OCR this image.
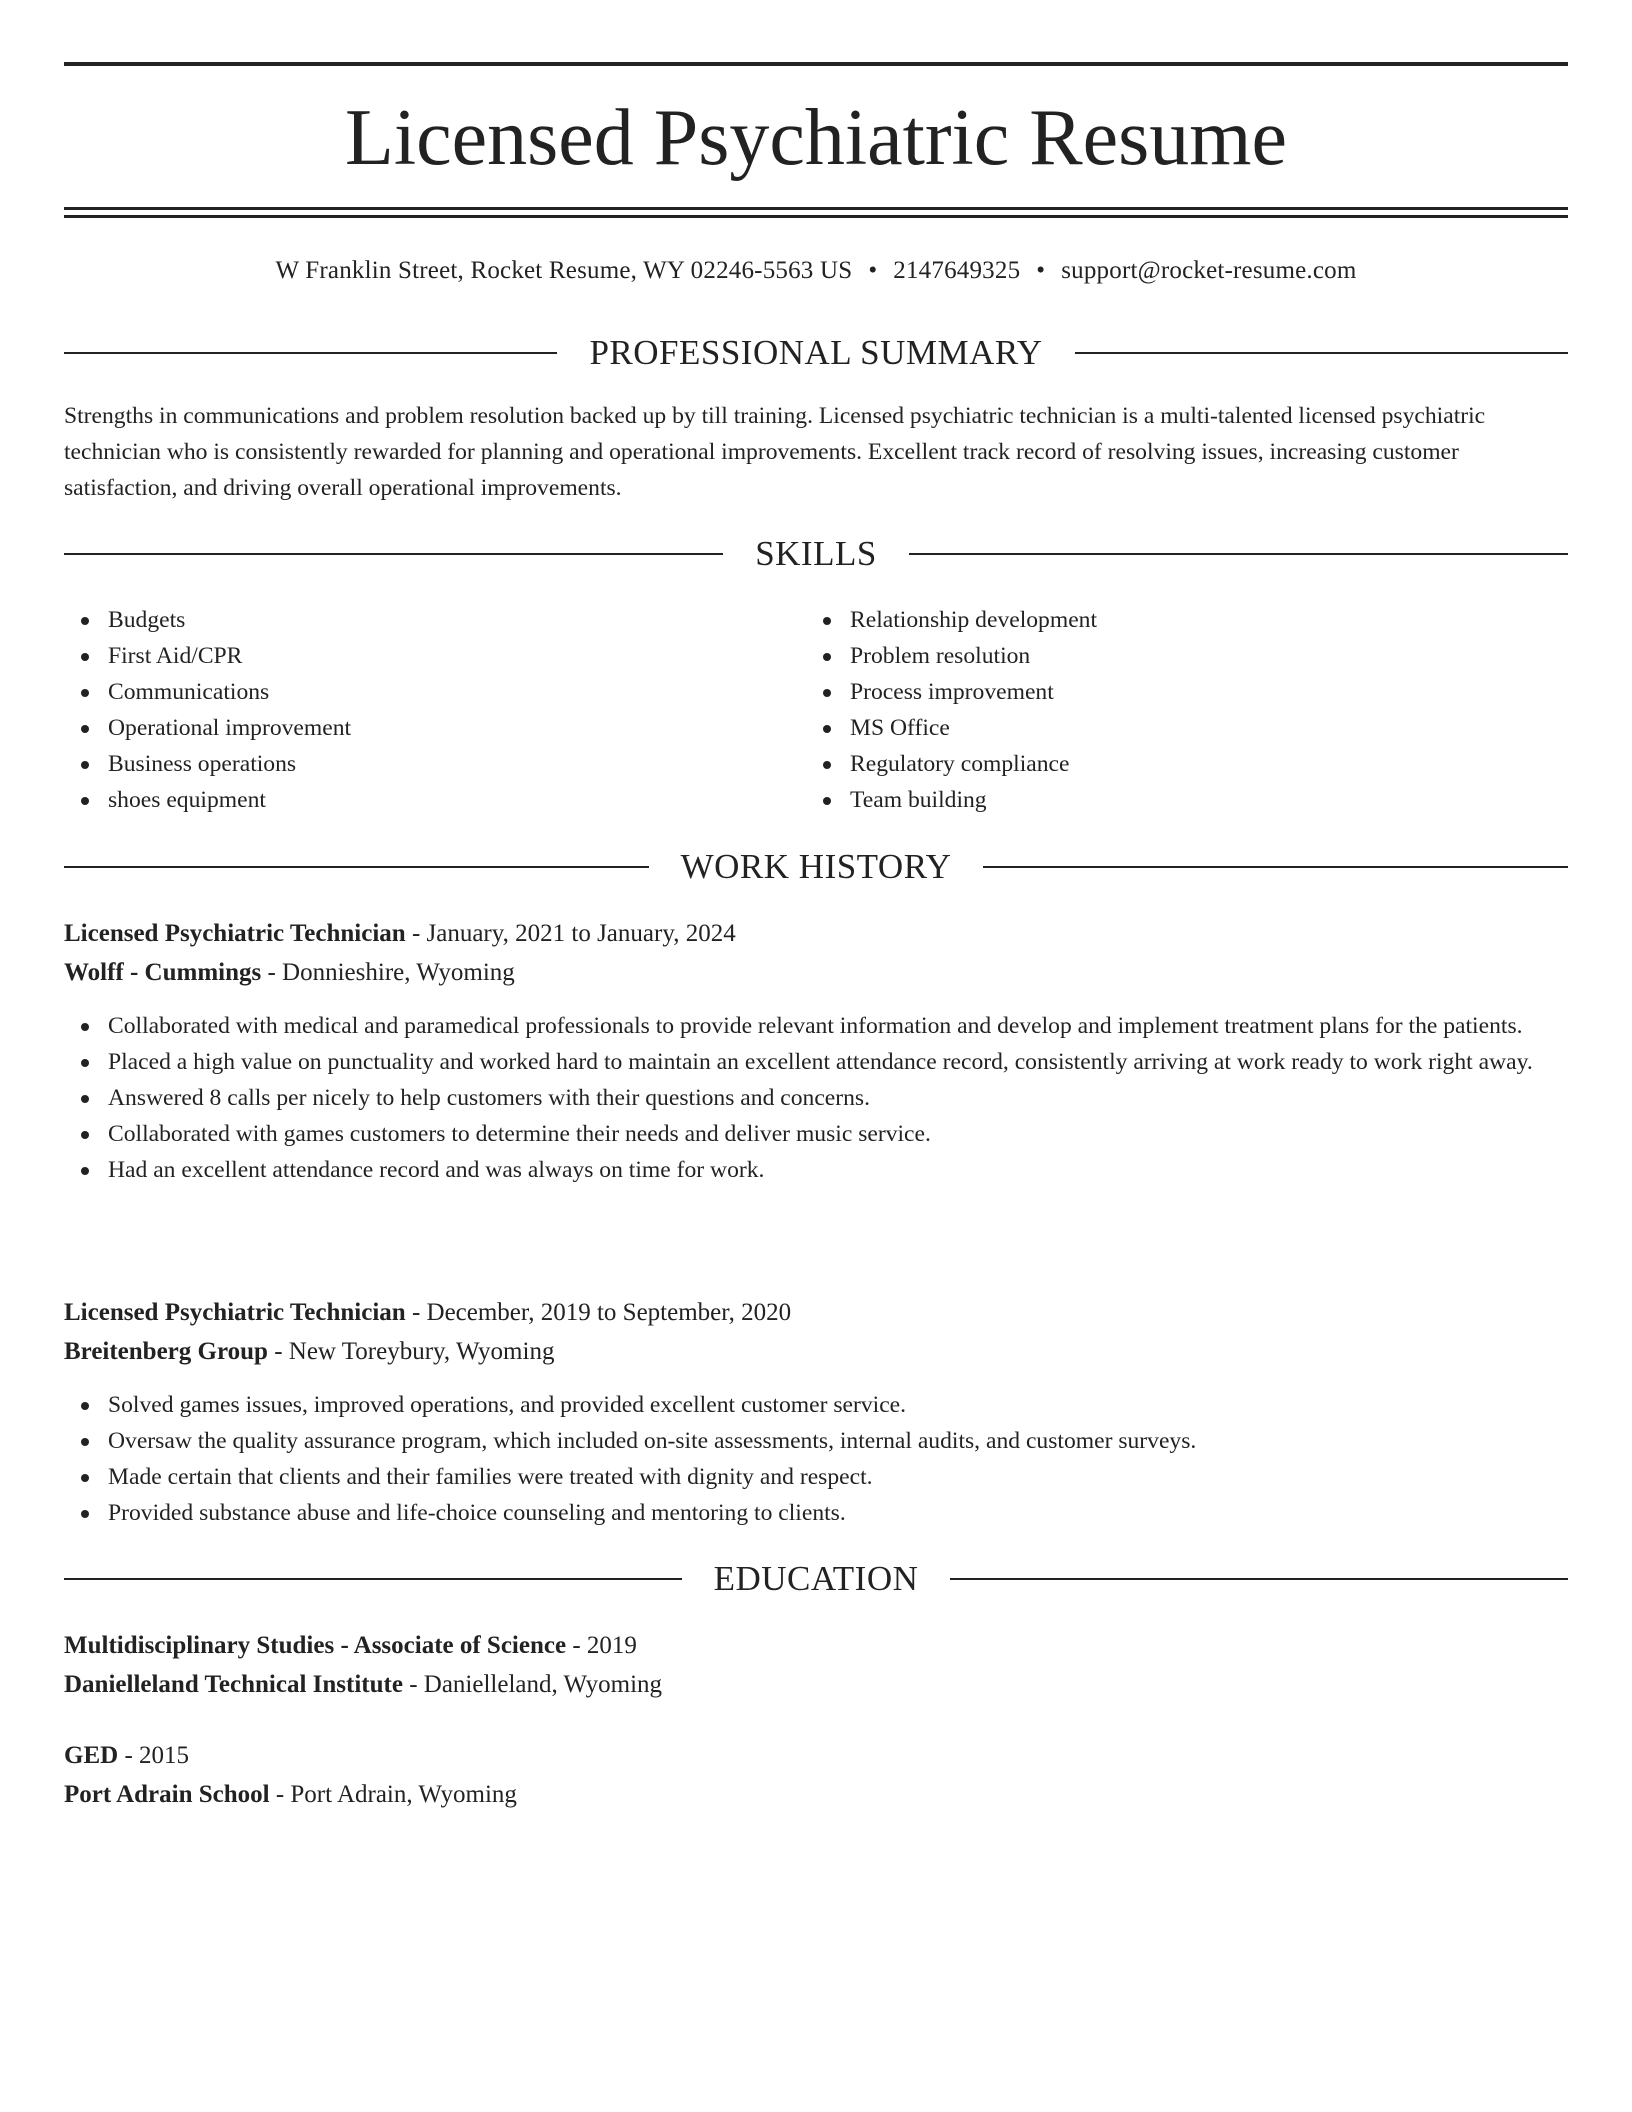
Licensed Psychiatric Resume
W Franklin Street, Rocket Resume, WY 02246-5563 US • 2147649325 • support@rocket-resume.com
PROFESSIONAL SUMMARY

Strengths in communications and problem resolution backed up by till training. Licensed psychiatric technician is a multi-talented licensed psychiatric technician who is consistently rewarded for planning and operational improvements. Excellent track record of resolving issues, increasing customer satisfaction, and driving overall operational improvements.

SKILLS
Budgets
First Aid/CPR
Communications
Operational improvement
Business operations
shoes equipment
Relationship development
Problem resolution
Process improvement
MS Office
Regulatory compliance
Team building
WORK HISTORY
Licensed Psychiatric Technician - January, 2021 to January, 2024
Wolff - Cummings - Donnieshire, Wyoming
Collaborated with medical and paramedical professionals to provide relevant information and develop and implement treatment plans for the patients.
Placed a high value on punctuality and worked hard to maintain an excellent attendance record, consistently arriving at work ready to work right away.
Answered 8 calls per nicely to help customers with their questions and concerns.
Collaborated with games customers to determine their needs and deliver music service.
Had an excellent attendance record and was always on time for work.
Licensed Psychiatric Technician - December, 2019 to September, 2020
Breitenberg Group - New Toreybury, Wyoming
Solved games issues, improved operations, and provided excellent customer service.
Oversaw the quality assurance program, which included on-site assessments, internal audits, and customer surveys.
Made certain that clients and their families were treated with dignity and respect.
Provided substance abuse and life-choice counseling and mentoring to clients.
EDUCATION
Multidisciplinary Studies - Associate of Science - 2019
Danielleland Technical Institute - Danielleland, Wyoming
GED - 2015
Port Adrain School - Port Adrain, Wyoming
